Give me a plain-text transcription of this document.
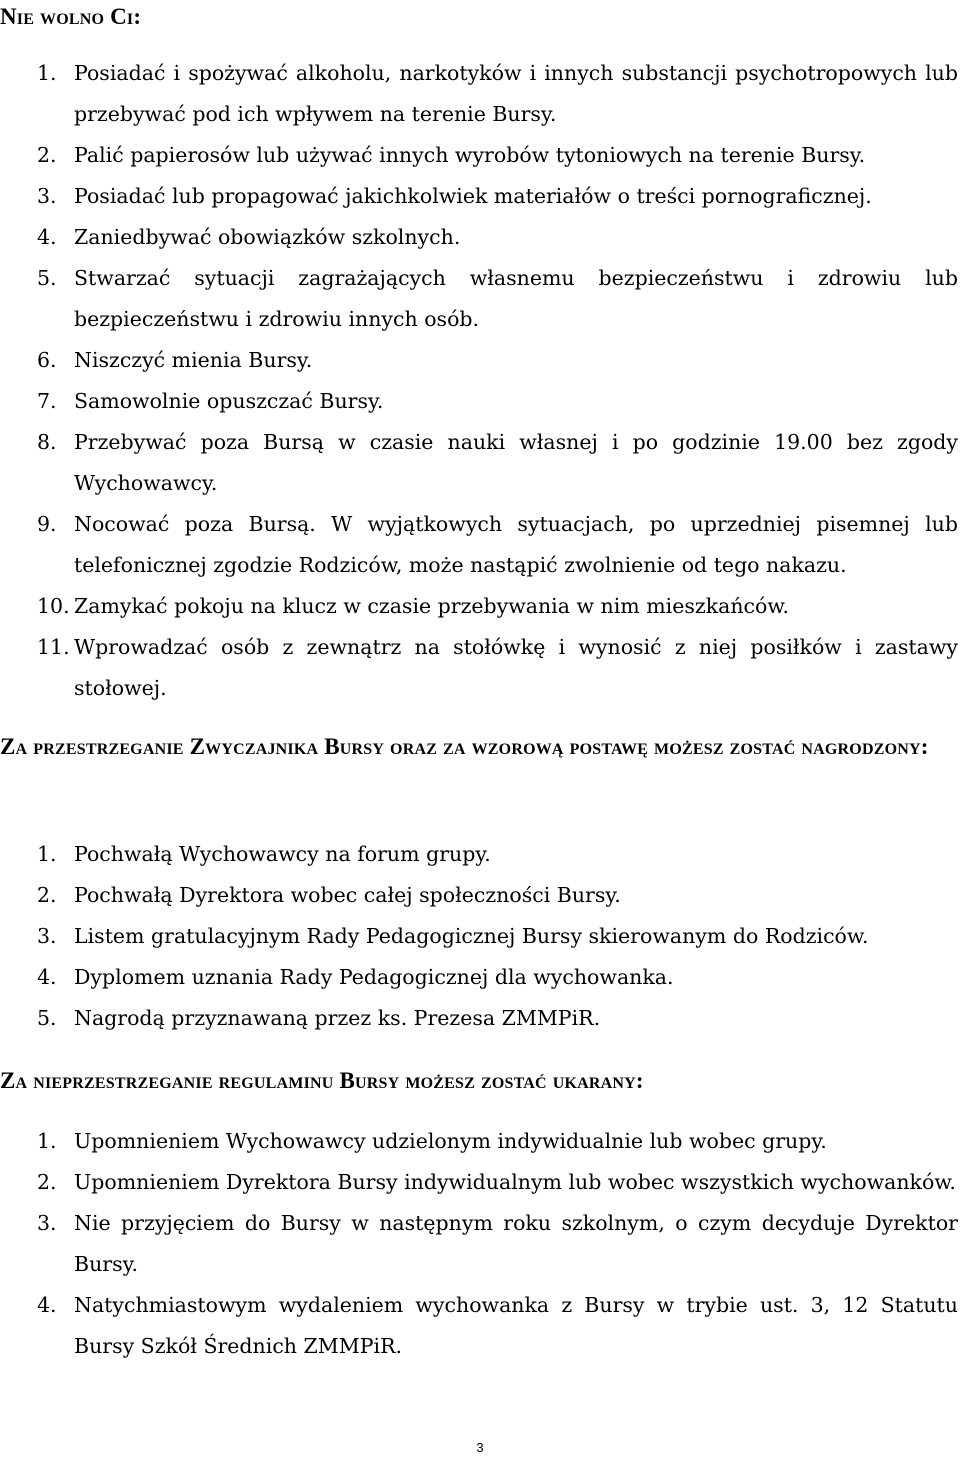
Nie wolno Ci:
1. Posiadać i spożywać alkoholu, narkotyków i innych substancji psychotropowych lub przebywać pod ich wpływem na terenie Bursy.
2. Palić papierosów lub używać innych wyrobów tytoniowych na terenie Bursy.
3. Posiadać lub propagować jakichkolwiek materiałów o treści pornograficznej.
4. Zaniedbywać obowiązków szkolnych.
5. Stwarzać sytuacji zagrażających własnemu bezpieczeństwu i zdrowiu lub bezpieczeństwu i zdrowiu innych osób.
6. Niszczyć mienia Bursy.
7. Samowolnie opuszczać Bursy.
8. Przebywać poza Bursą w czasie nauki własnej i po godzinie 19.00 bez zgody Wychowawcy.
9. Nocować poza Bursą. W wyjątkowych sytuacjach, po uprzedniej pisemnej lub telefonicznej zgodzie Rodziców, może nastąpić zwolnienie od tego nakazu.
10. Zamykać pokoju na klucz w czasie przebywania w nim mieszkańców.
11. Wprowadzać osób z zewnątrz na stołówkę i wynosić z niej posiłków i zastawy stołowej.
Za przestrzeganie Zwyczajnika Bursy oraz za wzorową postawę możesz zostać nagrodzony:
1. Pochwałą Wychowawcy na forum grupy.
2. Pochwałą Dyrektora wobec całej społeczności Bursy.
3. Listem gratulacyjnym Rady Pedagogicznej Bursy skierowanym do Rodziców.
4. Dyplomem uznania Rady Pedagogicznej dla wychowanka.
5. Nagrodą przyznawaną przez ks. Prezesa ZMMPiR.
Za nieprzestrzeganie regulaminu Bursy możesz zostać ukarany:
1. Upomnieniem Wychowawcy udzielonym indywidualnie lub wobec grupy.
2. Upomnieniem Dyrektora Bursy indywidualnym lub wobec wszystkich wychowanków.
3. Nie przyjęciem do Bursy w następnym roku szkolnym, o czym decyduje Dyrektor Bursy.
4. Natychmiastowym wydaleniem wychowanka z Bursy w trybie ust. 3, 12 Statutu Bursy Szkół Średnich ZMMPiR.
3
